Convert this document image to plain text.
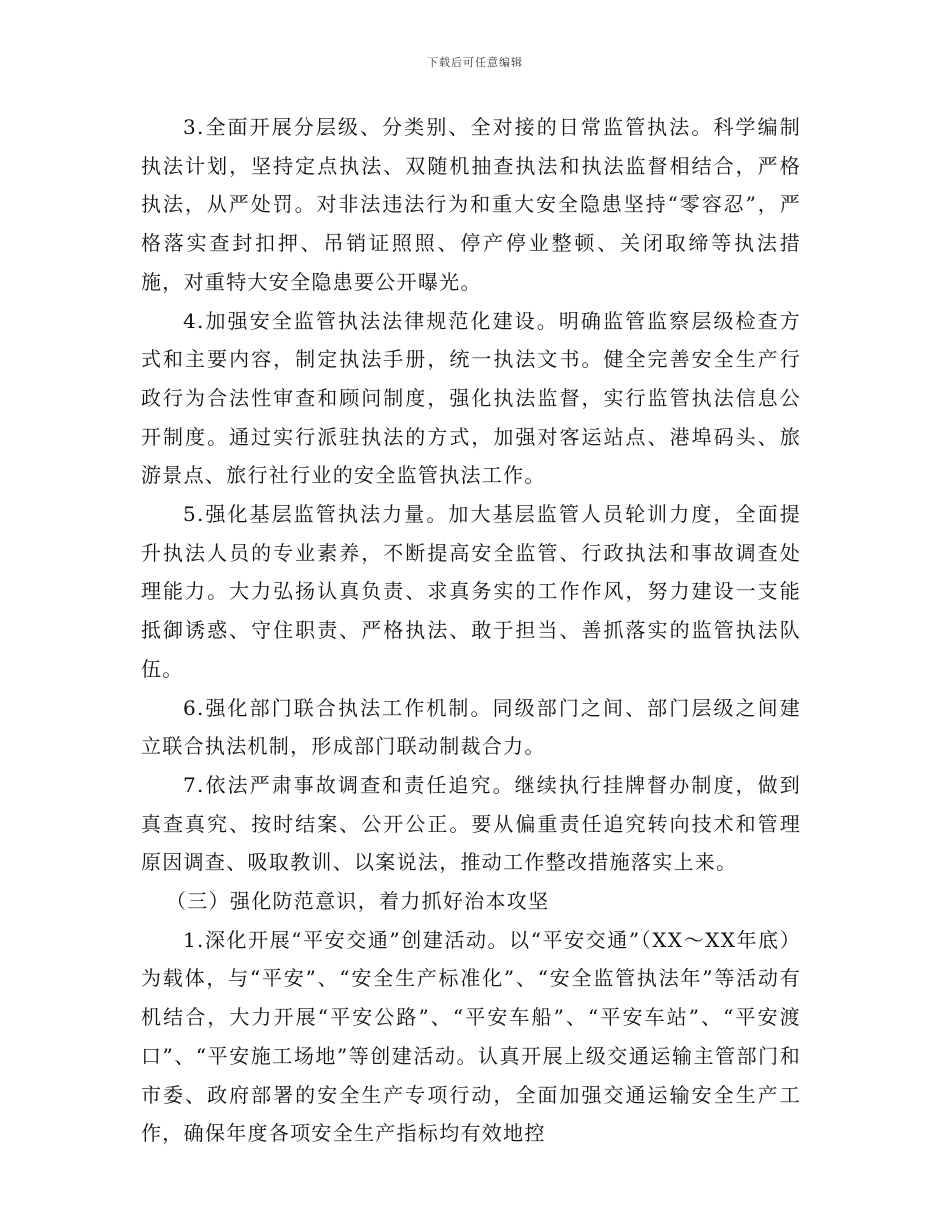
下载后可任意编辑

3.全面开展分层级、分类别、全对接的日常监管执法。科学编制执法计划，坚持定点执法、双随机抽查执法和执法监督相结合，严格执法，从严处罚。对非法违法行为和重大安全隐患坚持“零容忍”，严格落实查封扣押、吊销证照照、停产停业整顿、关闭取缔等执法措施，对重特大安全隐患要公开曝光。

4.加强安全监管执法法律规范化建设。明确监管监察层级检查方式和主要内容，制定执法手册，统一执法文书。健全完善安全生产行政行为合法性审查和顾问制度，强化执法监督，实行监管执法信息公开制度。通过实行派驻执法的方式，加强对客运站点、港埠码头、旅游景点、旅行社行业的安全监管执法工作。

5.强化基层监管执法力量。加大基层监管人员轮训力度，全面提升执法人员的专业素养，不断提高安全监管、行政执法和事故调查处理能力。大力弘扬认真负责、求真务实的工作作风，努力建设一支能抵御诱惑、守住职责、严格执法、敢于担当、善抓落实的监管执法队伍。

6.强化部门联合执法工作机制。同级部门之间、部门层级之间建立联合执法机制，形成部门联动制裁合力。

7.依法严肃事故调查和责任追究。继续执行挂牌督办制度，做到真查真究、按时结案、公开公正。要从偏重责任追究转向技术和管理原因调查、吸取教训、以案说法，推动工作整改措施落实上来。

（三）强化防范意识，着力抓好治本攻坚

1.深化开展“平安交通”创建活动。以“平安交通”（XX～XX年底）为载体，与“平安”、“安全生产标准化”、“安全监管执法年”等活动有机结合，大力开展“平安公路”、“平安车船”、“平安车站”、“平安渡口”、“平安施工场地”等创建活动。认真开展上级交通运输主管部门和市委、政府部署的安全生产专项行动，全面加强交通运输安全生产工作，确保年度各项安全生产指标均有效地控
